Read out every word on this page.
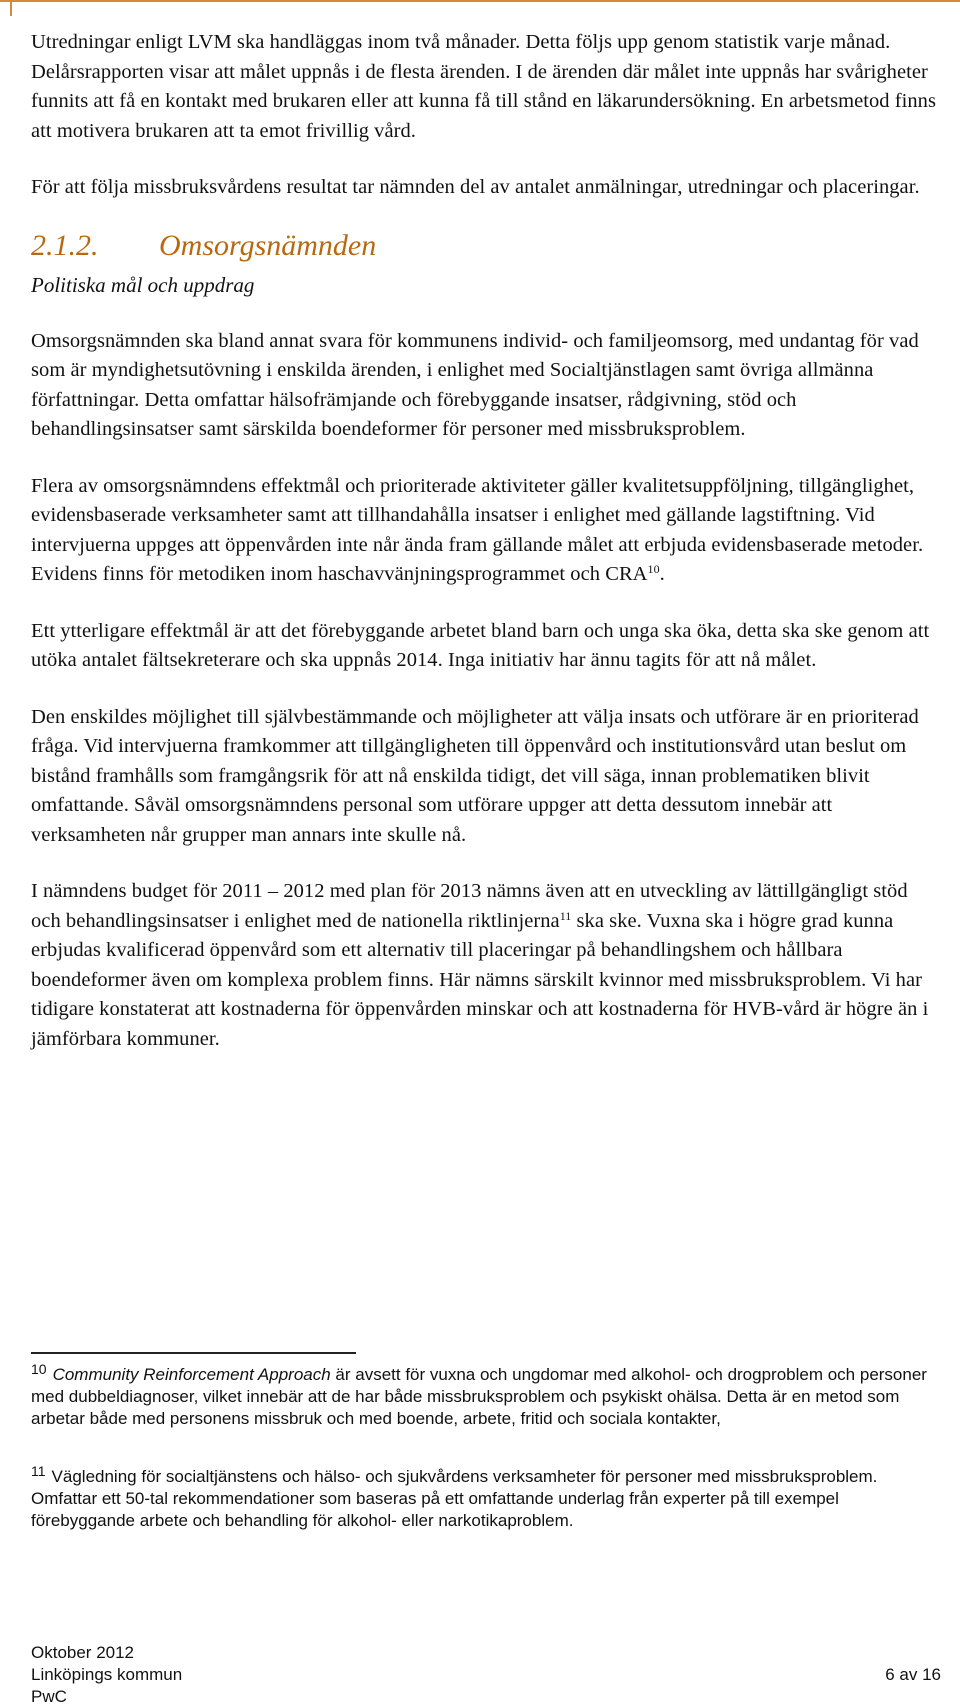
Utredningar enligt LVM ska handläggas inom två månader. Detta följs upp genom statistik varje månad. Delårsrapporten visar att målet uppnås i de flesta ärenden. I de ärenden där målet inte uppnås har svårigheter funnits att få en kontakt med brukaren eller att kunna få till stånd en läkarundersökning. En arbetsmetod finns att motivera brukaren att ta emot frivillig vård.

För att följa missbruksvårdens resultat tar nämnden del av antalet anmälningar, utredningar och placeringar.

2.1.2. Omsorgsnämnden
Politiska mål och uppdrag

Omsorgsnämnden ska bland annat svara för kommunens individ- och familjeomsorg, med undantag för vad som är myndighetsutövning i enskilda ärenden, i enlighet med Socialtjänstlagen samt övriga allmänna författningar. Detta omfattar hälsofrämjande och förebyggande insatser, rådgivning, stöd och behandlingsinsatser samt särskilda boendeformer för personer med missbruksproblem.

Flera av omsorgsnämndens effektmål och prioriterade aktiviteter gäller kvalitetsuppföljning, tillgänglighet, evidensbaserade verksamheter samt att tillhandahålla insatser i enlighet med gällande lagstiftning. Vid intervjuerna uppges att öppenvården inte når ända fram gällande målet att erbjuda evidensbaserade metoder. Evidens finns för metodiken inom haschavvänjningsprogrammet och CRA$^{10}$.

Ett ytterligare effektmål är att det förebyggande arbetet bland barn och unga ska öka, detta ska ske genom att utöka antalet fältsekreterare och ska uppnås 2014. Inga initiativ har ännu tagits för att nå målet.

Den enskildes möjlighet till självbestämmande och möjligheter att välja insats och utförare är en prioriterad fråga. Vid intervjuerna framkommer att tillgängligheten till öppenvård och institutionsvård utan beslut om bistånd framhålls som framgångsrik för att nå enskilda tidigt, det vill säga, innan problematiken blivit omfattande. Såväl omsorgsnämndens personal som utförare uppger att detta dessutom innebär att verksamheten når grupper man annars inte skulle nå.

I nämndens budget för 2011 – 2012 med plan för 2013 nämns även att en utveckling av lättillgängligt stöd och behandlingsinsatser i enlighet med de nationella riktlinjerna$^{11}$ ska ske. Vuxna ska i högre grad kunna erbjudas kvalificerad öppenvård som ett alternativ till placeringar på behandlingshem och hållbara boendeformer även om komplexa problem finns. Här nämns särskilt kvinnor med missbruksproblem. Vi har tidigare konstaterat att kostnaderna för öppenvården minskar och att kostnaderna för HVB-vård är högre än i jämförbara kommuner.

$^{10}$ Community Reinforcement Approach är avsett för vuxna och ungdomar med alkohol- och drogproblem och personer med dubbeldiagnoser, vilket innebär att de har både missbruksproblem och psykiskt ohälsa. Detta är en metod som arbetar både med personens missbruk och med boende, arbete, fritid och sociala kontakter,

$^{11}$ Vägledning för socialtjänstens och hälso- och sjukvårdens verksamheter för personer med missbruksproblem. Omfattar ett 50-tal rekommendationer som baseras på ett omfattande underlag från experter på till exempel förebyggande arbete och behandling för alkohol- eller narkotikaproblem.

Oktober 2012
Linköpings kommun
PwC
6 av 16
